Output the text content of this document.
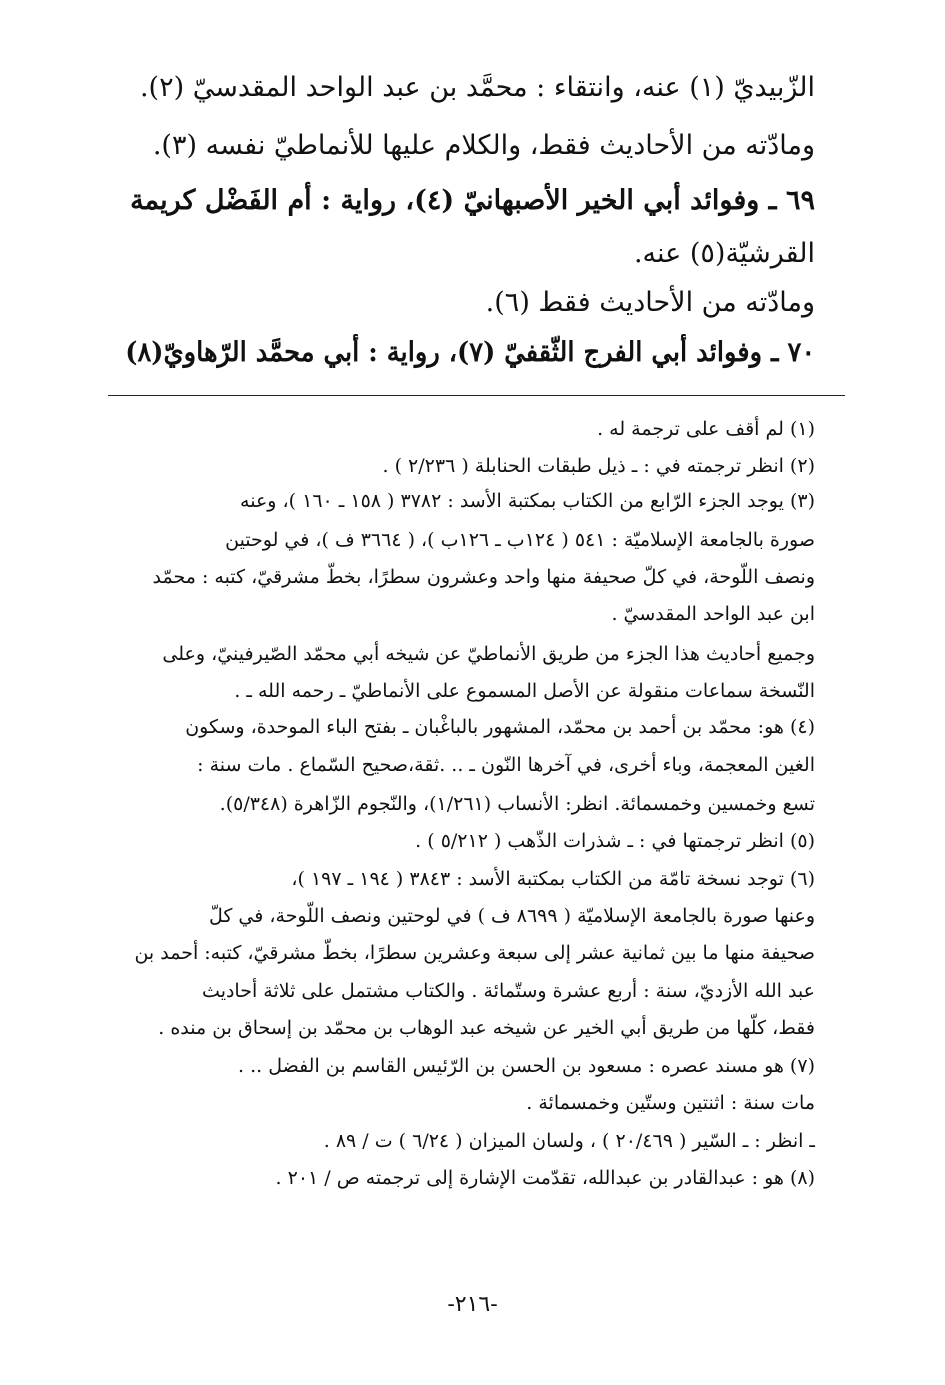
الزّبيديّ (١) عنه، وانتقاء : محمَّد بن عبد الواحد المقدسيّ (٢).
ومادّته من الأحاديث فقط، والكلام عليها للأنماطيّ نفسه (٣).
٦٩ ـ وفوائد أبي الخير الأصبهانيّ (٤)، رواية : أم الفَضْل كريمة
القرشيّة(٥) عنه.
ومادّته من الأحاديث فقط (٦).
٧٠ ـ وفوائد أبي الفرج الثّقفيّ (٧)، رواية : أبي محمَّد الرّهاويّ(٨)
(١) لم أقف على ترجمة له .
(٢) انظر ترجمته في : ـ ذيل طبقات الحنابلة ( ٢/٢٣٦ ) .
(٣) يوجد الجزء الرّابع من الكتاب بمكتبة الأسد : ٣٧٨٢ ( ١٥٨ ـ ١٦٠ )، وعنه
صورة بالجامعة الإسلاميّة : ٥٤١ ( ١٢٤ب ـ ١٢٦ب )، ( ٣٦٦٤ ف )، في لوحتين
ونصف اللّوحة، في كلّ صحيفة منها واحد وعشرون سطرًا، بخطّ مشرقيّ، كتبه : محمّد
ابن عبد الواحد المقدسيّ .
وجميع أحاديث هذا الجزء من طريق الأنماطيّ عن شيخه أبي محمّد الصّيرفينيّ، وعلى
النّسخة سماعات منقولة عن الأصل المسموع على الأنماطيّ ـ رحمه الله ـ .
(٤) هو: محمّد بن أحمد بن محمّد، المشهور بالباغْبان ـ بفتح الباء الموحدة، وسكون
الغين المعجمة، وباء أخرى، في آخرها النّون ـ .. .ثقة،صحيح السّماع . مات سنة :
تسع وخمسين وخمسمائة. انظر: الأنساب (١/٢٦١)، والنّجوم الزّاهرة (٥/٣٤٨).
(٥) انظر ترجمتها في : ـ شذرات الذّهب ( ٥/٢١٢ ) .
(٦) توجد نسخة تامّة من الكتاب بمكتبة الأسد : ٣٨٤٣ ( ١٩٤ ـ ١٩٧ )،
وعنها صورة بالجامعة الإسلاميّة ( ٨٦٩٩ ف ) في لوحتين ونصف اللّوحة، في كلّ
صحيفة منها ما بين ثمانية عشر إلى سبعة وعشرين سطرًا، بخطّ مشرقيّ، كتبه: أحمد بن
عبد الله الأزديّ، سنة : أربع عشرة وستّمائة . والكتاب مشتمل على ثلاثة أحاديث
فقط، كلّها من طريق أبي الخير عن شيخه عبد الوهاب بن محمّد بن إسحاق بن منده .
(٧) هو مسند عصره : مسعود بن الحسن بن الرّئيس القاسم بن الفضل .. .
مات سنة : اثنتين وستّين وخمسمائة .
ـ انظر : ـ السّير ( ٢٠/٤٦٩ ) ، ولسان الميزان ( ٦/٢٤ ) ت / ٨٩ .
(٨) هو : عبدالقادر بن عبدالله، تقدّمت الإشارة إلى ترجمته ص / ٢٠١ .
-٢١٦-
